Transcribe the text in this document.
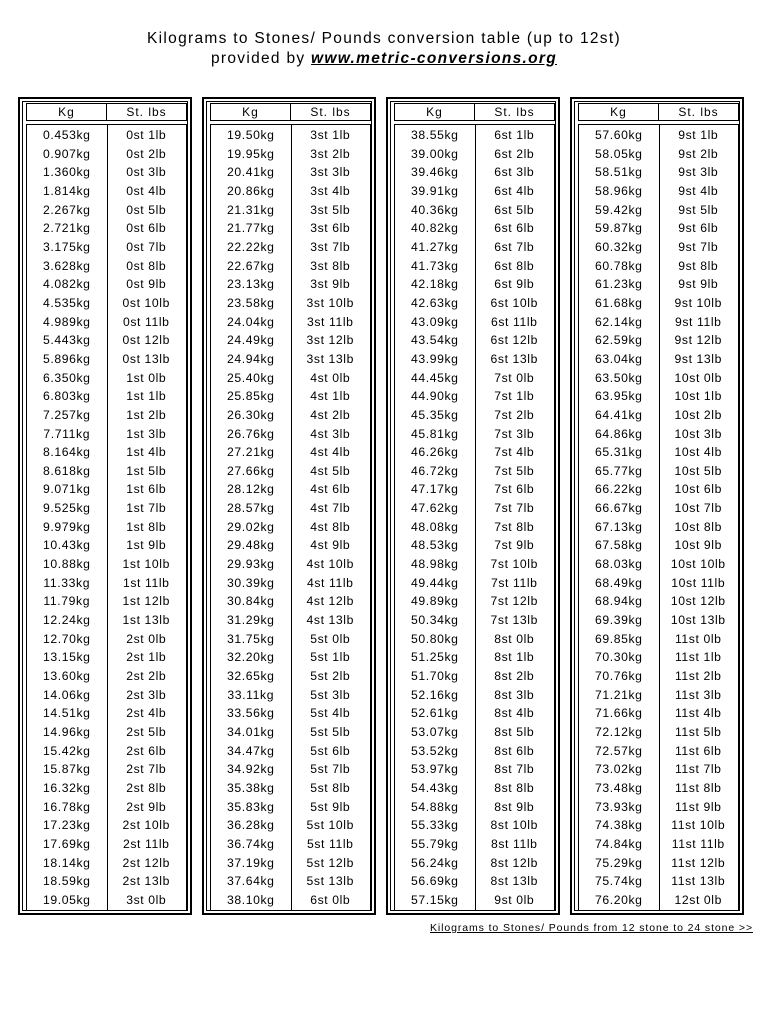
Kilograms to Stones/ Pounds conversion table (up to 12st)
provided by www.metric-conversions.org
Kg	St. lbs
0.453kg	0st 1lb
0.907kg	0st 2lb
1.360kg	0st 3lb
1.814kg	0st 4lb
2.267kg	0st 5lb
2.721kg	0st 6lb
3.175kg	0st 7lb
3.628kg	0st 8lb
4.082kg	0st 9lb
4.535kg	0st 10lb
4.989kg	0st 11lb
5.443kg	0st 12lb
5.896kg	0st 13lb
6.350kg	1st 0lb
6.803kg	1st 1lb
7.257kg	1st 2lb
7.711kg	1st 3lb
8.164kg	1st 4lb
8.618kg	1st 5lb
9.071kg	1st 6lb
9.525kg	1st 7lb
9.979kg	1st 8lb
10.43kg	1st 9lb
10.88kg	1st 10lb
11.33kg	1st 11lb
11.79kg	1st 12lb
12.24kg	1st 13lb
12.70kg	2st 0lb
13.15kg	2st 1lb
13.60kg	2st 2lb
14.06kg	2st 3lb
14.51kg	2st 4lb
14.96kg	2st 5lb
15.42kg	2st 6lb
15.87kg	2st 7lb
16.32kg	2st 8lb
16.78kg	2st 9lb
17.23kg	2st 10lb
17.69kg	2st 11lb
18.14kg	2st 12lb
18.59kg	2st 13lb
19.05kg	3st 0lb
Kg	St. lbs
19.50kg	3st 1lb
19.95kg	3st 2lb
20.41kg	3st 3lb
20.86kg	3st 4lb
21.31kg	3st 5lb
21.77kg	3st 6lb
22.22kg	3st 7lb
22.67kg	3st 8lb
23.13kg	3st 9lb
23.58kg	3st 10lb
24.04kg	3st 11lb
24.49kg	3st 12lb
24.94kg	3st 13lb
25.40kg	4st 0lb
25.85kg	4st 1lb
26.30kg	4st 2lb
26.76kg	4st 3lb
27.21kg	4st 4lb
27.66kg	4st 5lb
28.12kg	4st 6lb
28.57kg	4st 7lb
29.02kg	4st 8lb
29.48kg	4st 9lb
29.93kg	4st 10lb
30.39kg	4st 11lb
30.84kg	4st 12lb
31.29kg	4st 13lb
31.75kg	5st 0lb
32.20kg	5st 1lb
32.65kg	5st 2lb
33.11kg	5st 3lb
33.56kg	5st 4lb
34.01kg	5st 5lb
34.47kg	5st 6lb
34.92kg	5st 7lb
35.38kg	5st 8lb
35.83kg	5st 9lb
36.28kg	5st 10lb
36.74kg	5st 11lb
37.19kg	5st 12lb
37.64kg	5st 13lb
38.10kg	6st 0lb
Kg	St. lbs
38.55kg	6st 1lb
39.00kg	6st 2lb
39.46kg	6st 3lb
39.91kg	6st 4lb
40.36kg	6st 5lb
40.82kg	6st 6lb
41.27kg	6st 7lb
41.73kg	6st 8lb
42.18kg	6st 9lb
42.63kg	6st 10lb
43.09kg	6st 11lb
43.54kg	6st 12lb
43.99kg	6st 13lb
44.45kg	7st 0lb
44.90kg	7st 1lb
45.35kg	7st 2lb
45.81kg	7st 3lb
46.26kg	7st 4lb
46.72kg	7st 5lb
47.17kg	7st 6lb
47.62kg	7st 7lb
48.08kg	7st 8lb
48.53kg	7st 9lb
48.98kg	7st 10lb
49.44kg	7st 11lb
49.89kg	7st 12lb
50.34kg	7st 13lb
50.80kg	8st 0lb
51.25kg	8st 1lb
51.70kg	8st 2lb
52.16kg	8st 3lb
52.61kg	8st 4lb
53.07kg	8st 5lb
53.52kg	8st 6lb
53.97kg	8st 7lb
54.43kg	8st 8lb
54.88kg	8st 9lb
55.33kg	8st 10lb
55.79kg	8st 11lb
56.24kg	8st 12lb
56.69kg	8st 13lb
57.15kg	9st 0lb
Kg	St. lbs
57.60kg	9st 1lb
58.05kg	9st 2lb
58.51kg	9st 3lb
58.96kg	9st 4lb
59.42kg	9st 5lb
59.87kg	9st 6lb
60.32kg	9st 7lb
60.78kg	9st 8lb
61.23kg	9st 9lb
61.68kg	9st 10lb
62.14kg	9st 11lb
62.59kg	9st 12lb
63.04kg	9st 13lb
63.50kg	10st 0lb
63.95kg	10st 1lb
64.41kg	10st 2lb
64.86kg	10st 3lb
65.31kg	10st 4lb
65.77kg	10st 5lb
66.22kg	10st 6lb
66.67kg	10st 7lb
67.13kg	10st 8lb
67.58kg	10st 9lb
68.03kg	10st 10lb
68.49kg	10st 11lb
68.94kg	10st 12lb
69.39kg	10st 13lb
69.85kg	11st 0lb
70.30kg	11st 1lb
70.76kg	11st 2lb
71.21kg	11st 3lb
71.66kg	11st 4lb
72.12kg	11st 5lb
72.57kg	11st 6lb
73.02kg	11st 7lb
73.48kg	11st 8lb
73.93kg	11st 9lb
74.38kg	11st 10lb
74.84kg	11st 11lb
75.29kg	11st 12lb
75.74kg	11st 13lb
76.20kg	12st 0lb
Kilograms to Stones/ Pounds from 12 stone to 24 stone >>
